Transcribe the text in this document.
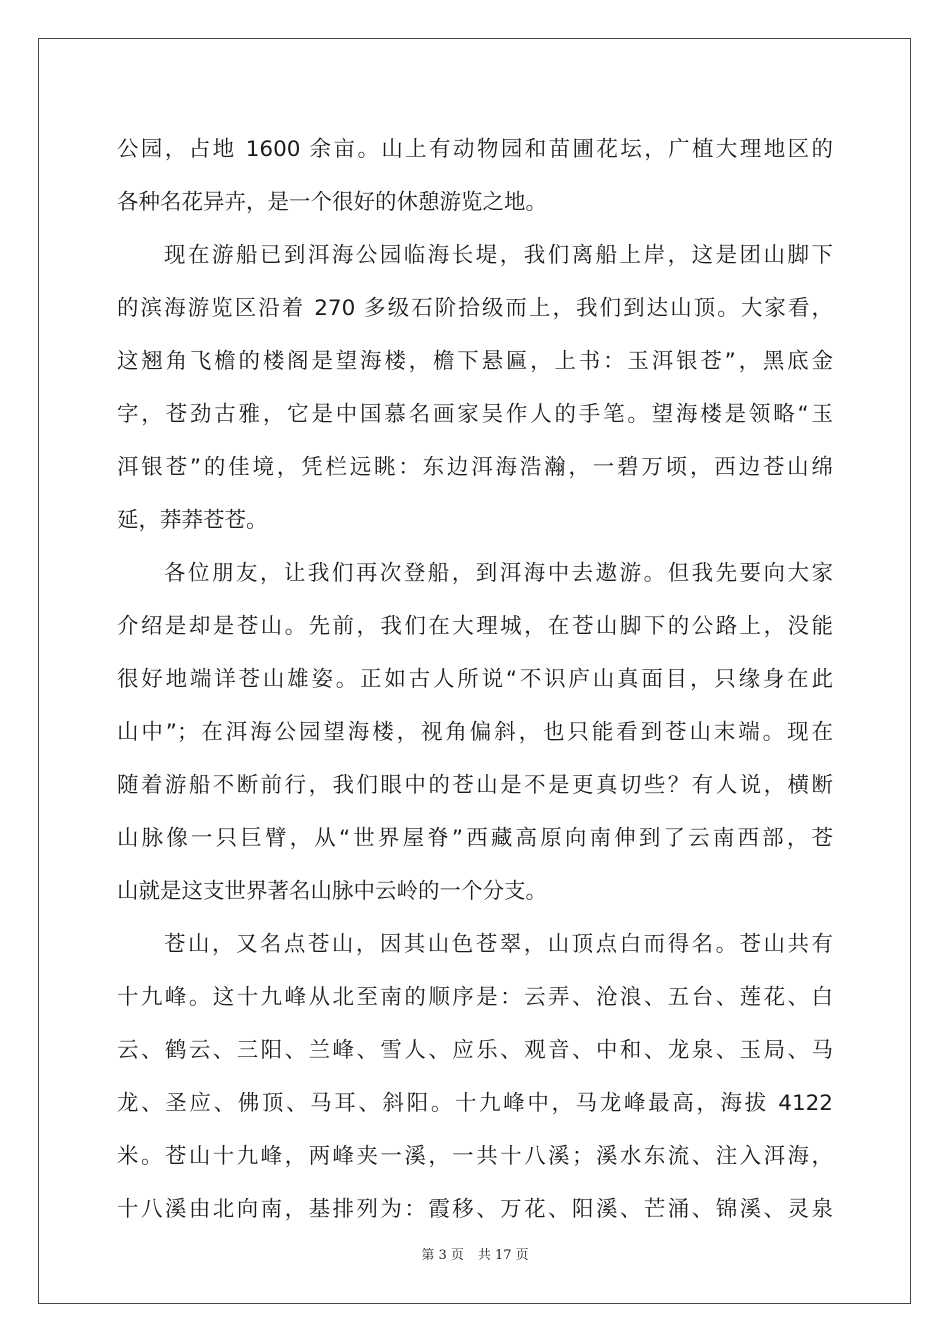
公园，占地 1600 余亩。山上有动物园和苗圃花坛，广植大理地区的
各种名花异卉，是一个很好的休憩游览之地。
现在游船已到洱海公园临海长堤，我们离船上岸，这是团山脚下
的滨海游览区沿着 270 多级石阶拾级而上，我们到达山顶。大家看，
这翘角飞檐的楼阁是望海楼，檐下悬匾，上书：玉洱银苍”，黑底金
字，苍劲古雅，它是中国慕名画家吴作人的手笔。望海楼是领略“玉
洱银苍”的佳境，凭栏远眺：东边洱海浩瀚，一碧万顷，西边苍山绵
延，莽莽苍苍。
各位朋友，让我们再次登船，到洱海中去遨游。但我先要向大家
介绍是却是苍山。先前，我们在大理城，在苍山脚下的公路上，没能
很好地端详苍山雄姿。正如古人所说“不识庐山真面目，只缘身在此
山中”；在洱海公园望海楼，视角偏斜，也只能看到苍山末端。现在
随着游船不断前行，我们眼中的苍山是不是更真切些？有人说，横断
山脉像一只巨臂，从“世界屋脊”西藏高原向南伸到了云南西部，苍
山就是这支世界著名山脉中云岭的一个分支。
苍山，又名点苍山，因其山色苍翠，山顶点白而得名。苍山共有
十九峰。这十九峰从北至南的顺序是：云弄、沧浪、五台、莲花、白
云、鹤云、三阳、兰峰、雪人、应乐、观音、中和、龙泉、玉局、马
龙、圣应、佛顶、马耳、斜阳。十九峰中，马龙峰最高，海拔 4122
米。苍山十九峰，两峰夹一溪，一共十八溪；溪水东流、注入洱海，
十八溪由北向南，基排列为：霞移、万花、阳溪、芒涌、锦溪、灵泉
第 3 页 共 17 页
